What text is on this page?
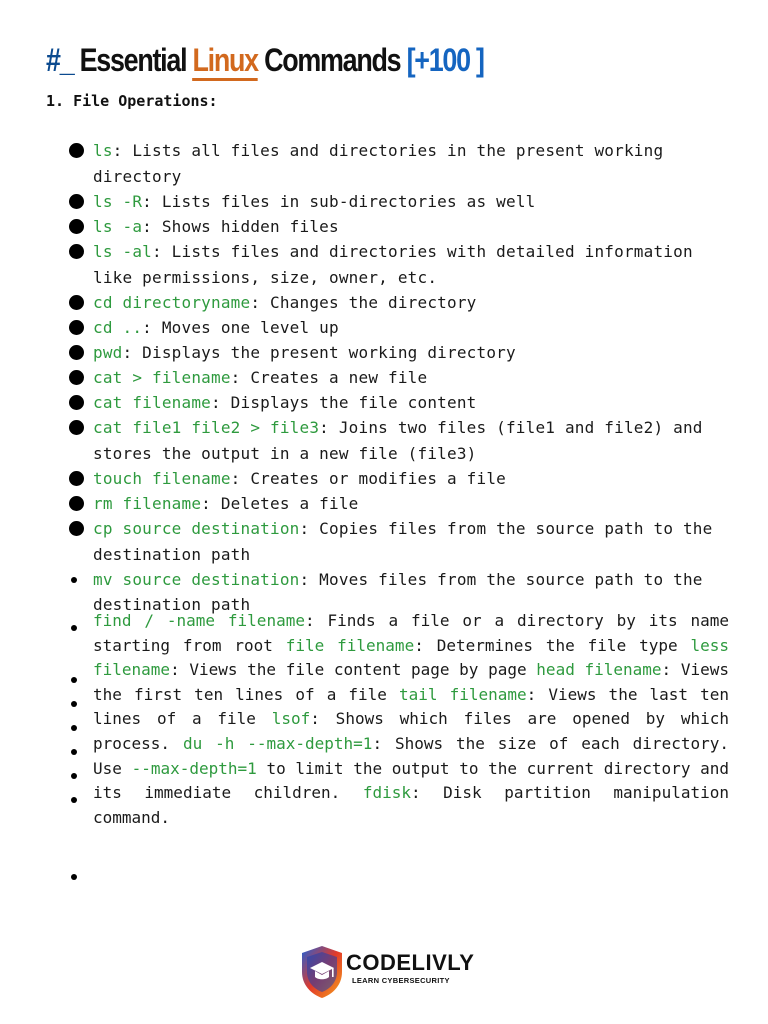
#_ Essential Linux Commands [+100 ]
1. File Operations:
ls: Lists all files and directories in the present working directory
ls -R: Lists files in sub-directories as well
ls -a: Shows hidden files
ls -al: Lists files and directories with detailed information like permissions, size, owner, etc.
cd directoryname: Changes the directory
cd ..: Moves one level up
pwd: Displays the present working directory
cat > filename: Creates a new file
cat filename: Displays the file content
cat file1 file2 > file3: Joins two files (file1 and file2) and stores the output in a new file (file3)
touch filename: Creates or modifies a file
rm filename: Deletes a file
cp source destination: Copies files from the source path to the destination path
mv source destination: Moves files from the source path to the destination path
find / -name filename: Finds a file or a directory by its name starting from root file filename: Determines the file type less filename: Views the file content page by page head filename: Views the first ten lines of a file tail filename: Views the last ten lines of a file lsof: Shows which files are opened by which process. du -h --max-depth=1: Shows the size of each directory. Use --max-depth=1 to limit the output to the current directory and its immediate children. fdisk: Disk partition manipulation command.
CODELIVLY
LEARN CYBERSECURITY
